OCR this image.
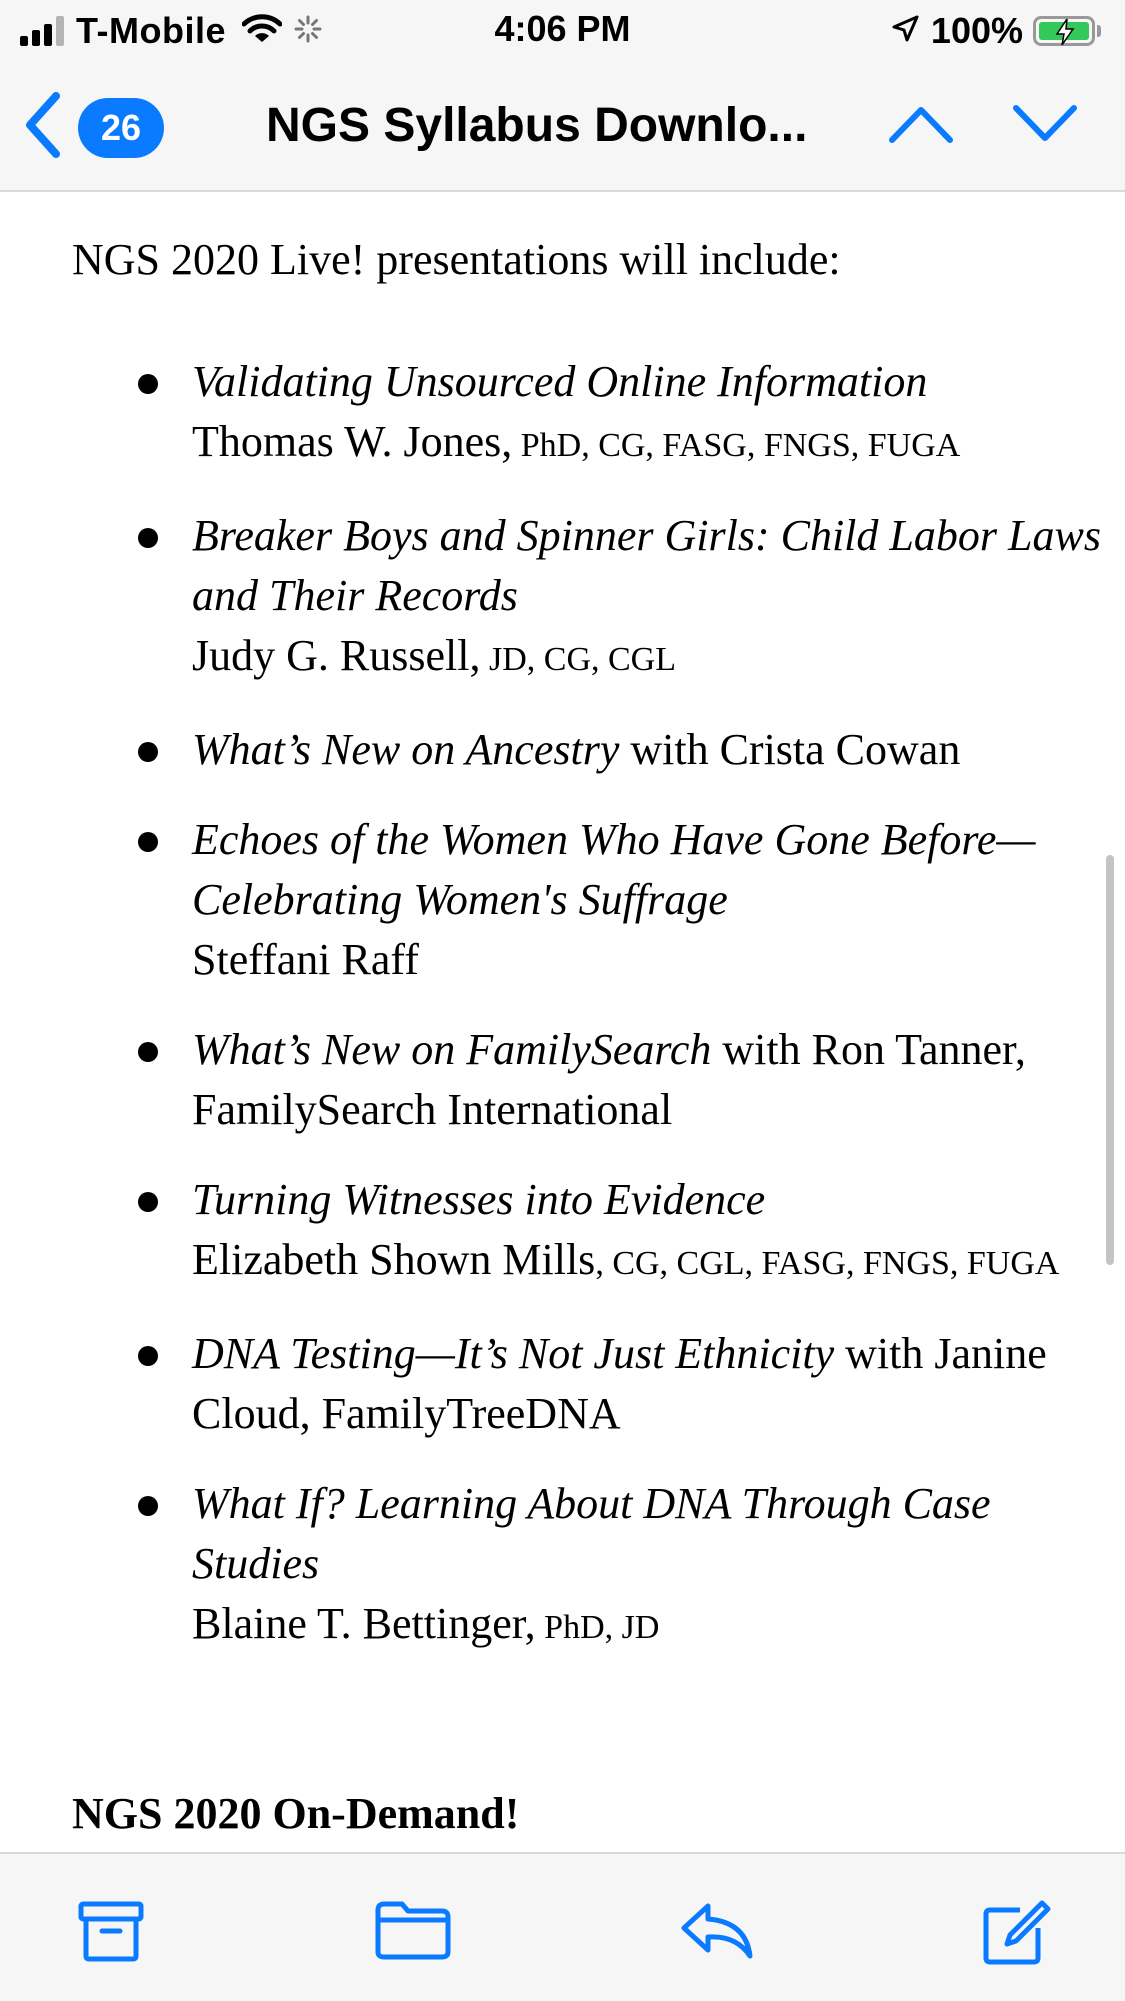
T-Mobile	4:06 PM	100%
26	NGS Syllabus Downlo...

NGS 2020 Live! presentations will include:

Validating Unsourced Online Information
Thomas W. Jones, PhD, CG, FASG, FNGS, FUGA
Breaker Boys and Spinner Girls: Child Labor Laws and Their Records
Judy G. Russell, JD, CG, CGL
What’s New on Ancestry with Crista Cowan
Echoes of the Women Who Have Gone Before—Celebrating Women's Suffrage
Steffani Raff
What’s New on FamilySearch with Ron Tanner, FamilySearch International
Turning Witnesses into Evidence
Elizabeth Shown Mills, CG, CGL, FASG, FNGS, FUGA
DNA Testing—It’s Not Just Ethnicity with Janine Cloud, FamilyTreeDNA
What If? Learning About DNA Through Case Studies
Blaine T. Bettinger, PhD, JD

NGS 2020 On-Demand!
